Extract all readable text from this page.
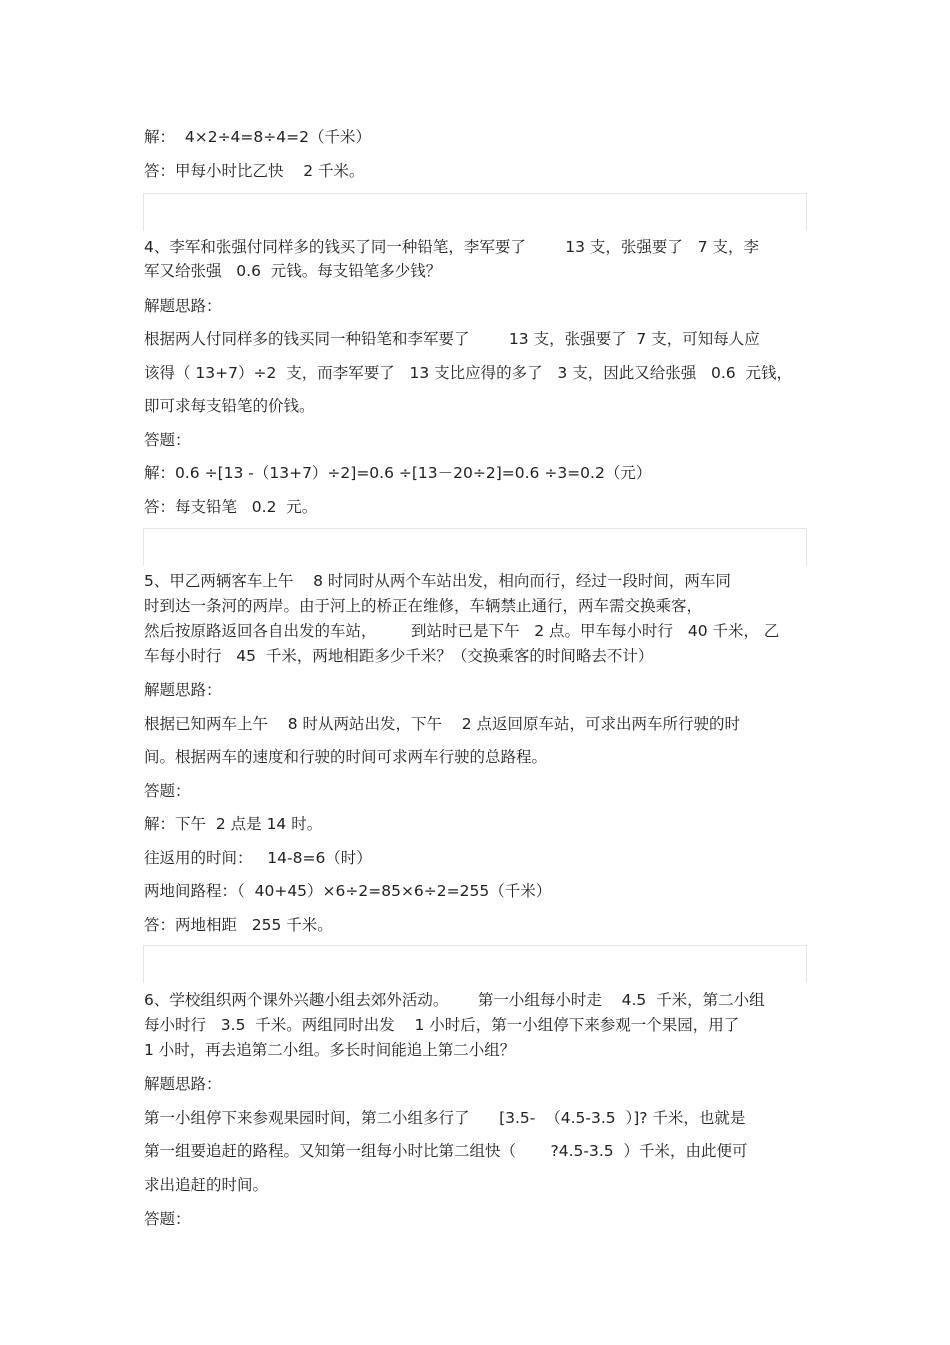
解：  4×2÷4=8÷4=2（千米）
答：甲每小时比乙快    2 千米。
4、李军和张强付同样多的钱买了同一种铅笔，李军要了        13 支，张强要了   7 支，李
军又给张强   0.6  元钱。每支铅笔多少钱？
解题思路：
根据两人付同样多的钱买同一种铅笔和李军要了        13 支，张强要了  7 支，可知每人应
该得（ 13+7）÷2  支，而李军要了   13 支比应得的多了   3 支，因此又给张强   0.6  元钱，
即可求每支铅笔的价钱。
答题：
解：0.6 ÷[13 -（13+7）÷2]=0.6 ÷[13－20÷2]=0.6 ÷3=0.2（元）
答：每支铅笔   0.2  元。
5、甲乙两辆客车上午    8 时同时从两个车站出发，相向而行，经过一段时间，两车同
时到达一条河的两岸。由于河上的桥正在维修，车辆禁止通行，两车需交换乘客，
然后按原路返回各自出发的车站，       到站时已是下午   2 点。甲车每小时行   40 千米， 乙
车每小时行   45  千米，两地相距多少千米？（交换乘客的时间略去不计）
解题思路：
根据已知两车上午    8 时从两站出发，下午    2 点返回原车站，可求出两车所行驶的时
间。根据两车的速度和行驶的时间可求两车行驶的总路程。
答题：
解：下午  2 点是 14 时。
往返用的时间：   14-8=6（时）
两地间路程：（  40+45）×6÷2=85×6÷2=255（千米）
答：两地相距   255 千米。
6、学校组织两个课外兴趣小组去郊外活动。      第一小组每小时走    4.5  千米，第二小组
每小时行   3.5  千米。两组同时出发    1 小时后，第一小组停下来参观一个果园，用了
1 小时，再去追第二小组。多长时间能追上第二小组？
解题思路：
第一小组停下来参观果园时间，第二小组多行了      [3.5-  （4.5-3.5  ）]? 千米，也就是
第一组要追赶的路程。又知第一组每小时比第二组快（       ?4.5-3.5  ）千米，由此便可
求出追赶的时间。
答题：
